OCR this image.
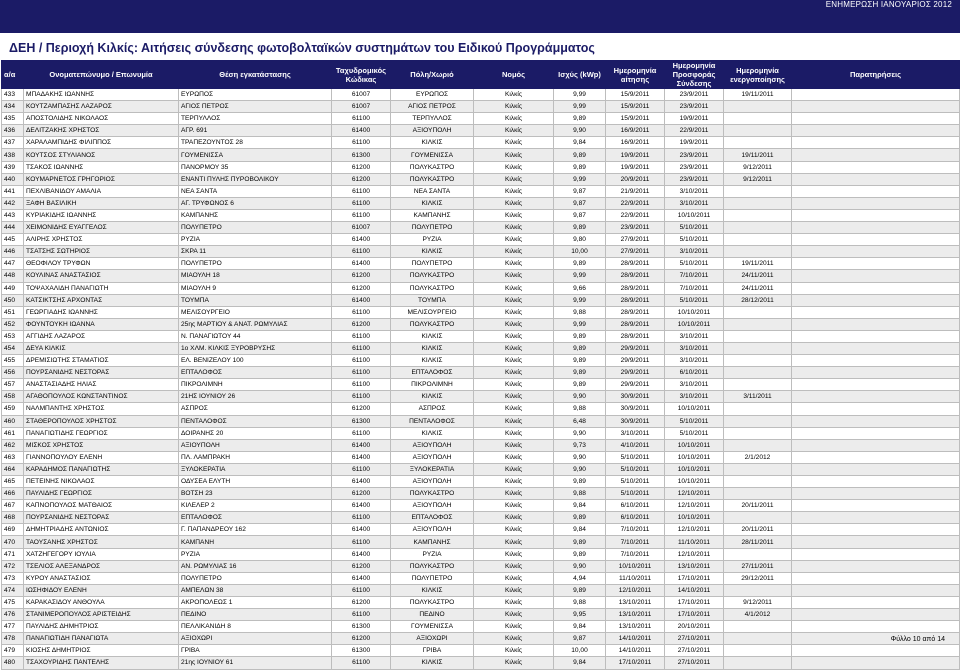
ΕΝΗΜΕΡΩΣΗ ΙΑΝΟΥΑΡΙΟΣ 2012
ΔΕΗ / Περιοχή Κιλκίς: Αιτήσεις σύνδεσης φωτοβολταϊκών συστημάτων του Ειδικού Προγράμματος
α/α	Ονοματεπώνυμο / Επωνυμία	Θέση εγκατάστασης	Ταχυδρομικός Κώδικας	Πόλη/Χωριό	Νομός	Ισχύς (kWp)	Ημερομηνία αίτησης	Ημερομηνία Προσφοράς Σύνδεσης	Ημερομηνία ενεργοποίησης	Παρατηρήσεις
433	ΜΠΑΔΑΚΗΣ ΙΩΑΝΝΗΣ	ΕΥΡΩΠΟΣ	61007	ΕΥΡΩΠΟΣ	Κιλκίς	9,99	15/9/2011	23/9/2011	19/11/2011	
434	ΚΟΥΤΖΑΜΠΑΣΗΣ ΛΑΖΑΡΟΣ	ΑΓΙΟΣ ΠΕΤΡΟΣ	61007	ΑΓΙΟΣ ΠΕΤΡΟΣ	Κιλκίς	9,99	15/9/2011	23/9/2011		
435	ΑΠΟΣΤΟΛΙΔΗΣ ΝΙΚΟΛΑΟΣ	ΤΕΡΠΥΛΛΟΣ	61100	ΤΕΡΠΥΛΛΟΣ	Κιλκίς	9,89	15/9/2011	19/9/2011		
436	ΔΕΛΙΤΖΑΚΗΣ ΧΡΗΣΤΟΣ	ΑΓΡ. 691	61400	ΑΞΙΟΥΠΟΛΗ	Κιλκίς	9,90	16/9/2011	22/9/2011		
437	ΧΑΡΑΛΑΜΠΙΔΗΣ ΦΙΛΙΠΠΟΣ	ΤΡΑΠΕΖΟΥΝΤΟΣ 28	61100	ΚΙΛΚΙΣ	Κιλκίς	9,84	16/9/2011	19/9/2011		
438	ΚΟΥΤΣΟΣ ΣΤΥΛΙΑΝΟΣ	ΓΟΥΜΕΝΙΣΣΑ	61300	ΓΟΥΜΕΝΙΣΣΑ	Κιλκίς	9,89	19/9/2011	23/9/2011	19/11/2011	
439	ΤΣΑΚΟΣ ΙΩΑΝΝΗΣ	ΠΑΝΟΡΜΟΥ 35	61200	ΠΟΛΥΚΑΣΤΡΟ	Κιλκίς	9,89	19/9/2011	23/9/2011	9/12/2011	
440	ΚΟΥΜΑΡΝΕΤΟΣ ΓΡΗΓΟΡΙΟΣ	ΕΝΑΝΤΙ ΠΥΛΗΣ ΠΥΡΟΒΟΛΙΚΟΥ	61200	ΠΟΛΥΚΑΣΤΡΟ	Κιλκίς	9,99	20/9/2011	23/9/2011	9/12/2011	
441	ΠΕΧΛΙΒΑΝΙΔΟΥ ΑΜΑΛΙΑ	ΝΕΑ ΣΑΝΤΑ	61100	ΝΕΑ ΣΑΝΤΑ	Κιλκίς	9,87	21/9/2011	3/10/2011		
442	ΞΑΦΗ ΒΑΣΙΛΙΚΗ	ΑΓ. ΤΡΥΦΩΝΟΣ 6	61100	ΚΙΛΚΙΣ	Κιλκίς	9,87	22/9/2011	3/10/2011		
443	ΚΥΡΙΑΚΙΔΗΣ ΙΩΑΝΝΗΣ	ΚΑΜΠΑΝΗΣ	61100	ΚΑΜΠΑΝΗΣ	Κιλκίς	9,87	22/9/2011	10/10/2011		
444	ΧΕΙΜΟΝΙΔΗΣ ΕΥΑΓΓΕΛΟΣ	ΠΟΛΥΠΕΤΡΟ	61007	ΠΟΛΥΠΕΤΡΟ	Κιλκίς	9,89	23/9/2011	5/10/2011		
445	ΑΛΙΡΗΣ ΧΡΗΣΤΟΣ	ΡΥΖΙΑ	61400	ΡΥΖΙΑ	Κιλκίς	9,80	27/9/2011	5/10/2011		
446	ΤΣΑΤΣΗΣ ΣΩΤΗΡΙΟΣ	ΣΚΡΑ 11	61100	ΚΙΛΚΙΣ	Κιλκίς	10,00	27/9/2011	3/10/2011		
447	ΘΕΟΦΙΛΟΥ ΤΡΥΦΩΝ	ΠΟΛΥΠΕΤΡΟ	61400	ΠΟΛΥΠΕΤΡΟ	Κιλκίς	9,89	28/9/2011	5/10/2011	19/11/2011	
448	ΚΟΥΛΙΝΑΣ ΑΝΑΣΤΑΣΙΟΣ	ΜΙΑΟΥΛΗ 18	61200	ΠΟΛΥΚΑΣΤΡΟ	Κιλκίς	9,99	28/9/2011	7/10/2011	24/11/2011	
449	ΤΟΨΑΧΑΛΙΔΗ ΠΑΝΑΓΙΩΤΗ	ΜΙΑΟΥΛΗ 9	61200	ΠΟΛΥΚΑΣΤΡΟ	Κιλκίς	9,66	28/9/2011	7/10/2011	24/11/2011	
450	ΚΑΤΣΙΚΤΣΗΣ ΑΡΧΟΝΤΑΣ	ΤΟΥΜΠΑ	61400	ΤΟΥΜΠΑ	Κιλκίς	9,99	28/9/2011	5/10/2011	28/12/2011	
451	ΓΕΩΡΓΙΑΔΗΣ ΙΩΑΝΝΗΣ	ΜΕΛΙΣΟΥΡΓΕΙΟ	61100	ΜΕΛΙΣΟΥΡΓΕΙΟ	Κιλκίς	9,88	28/9/2011	10/10/2011		
452	ΦΟΥΝΤΟΥΚΗ ΙΩΑΝΝΑ	25ης ΜΑΡΤΙΟΥ & ΑΝΑΤ. ΡΩΜΥΛΙΑΣ	61200	ΠΟΛΥΚΑΣΤΡΟ	Κιλκίς	9,99	28/9/2011	10/10/2011		
453	ΑΓΓΙΔΗΣ ΛΑΖΑΡΟΣ	Ν. ΠΑΝΑΓΙΩΤΟΥ 44	61100	ΚΙΛΚΙΣ	Κιλκίς	9,89	28/9/2011	3/10/2011		
454	ΔΕΥΑ ΚΙΛΚΙΣ	1ο ΧΛΜ. ΚΙΛΚΙΣ ΞΥΡΟΒΡΥΣΗΣ	61100	ΚΙΛΚΙΣ	Κιλκίς	9,89	29/9/2011	3/10/2011		
455	ΔΡΕΜΙΣΙΩΤΗΣ ΣΤΑΜΑΤΙΟΣ	ΕΛ. ΒΕΝΙΖΕΛΟΥ 100	61100	ΚΙΛΚΙΣ	Κιλκίς	9,89	29/9/2011	3/10/2011		
456	ΠΟΥΡΣΑΝΙΔΗΣ ΝΕΣΤΟΡΑΣ	ΕΠΤΑΛΟΦΟΣ	61100	ΕΠΤΑΛΟΦΟΣ	Κιλκίς	9,89	29/9/2011	6/10/2011		
457	ΑΝΑΣΤΑΣΙΑΔΗΣ ΗΛΙΑΣ	ΠΙΚΡΟΛΙΜΝΗ	61100	ΠΙΚΡΟΛΙΜΝΗ	Κιλκίς	9,89	29/9/2011	3/10/2011		
458	ΑΓΑΘΟΠΟΥΛΟΣ ΚΩΝΣΤΑΝΤΙΝΟΣ	21ΗΣ ΙΟΥΝΙΟΥ 26	61100	ΚΙΛΚΙΣ	Κιλκίς	9,90	30/9/2011	3/10/2011	3/11/2011	
459	ΝΑΛΜΠΑΝΤΗΣ ΧΡΗΣΤΟΣ	ΑΣΠΡΟΣ	61200	ΑΣΠΡΟΣ	Κιλκίς	9,88	30/9/2011	10/10/2011		
460	ΣΤΑΘΕΡΟΠΟΥΛΟΣ ΧΡΗΣΤΟΣ	ΠΕΝΤΑΛΟΦΟΣ	61300	ΠΕΝΤΑΛΟΦΟΣ	Κιλκίς	6,48	30/9/2011	5/10/2011		
461	ΠΑΝΑΓΙΩΤΙΔΗΣ ΓΕΩΡΓΙΟΣ	ΔΟΙΡΑΝΗΣ 20	61100	ΚΙΛΚΙΣ	Κιλκίς	9,90	3/10/2011	5/10/2011		
462	ΜΙΣΚΟΣ ΧΡΗΣΤΟΣ	ΑΞΙΟΥΠΟΛΗ	61400	ΑΞΙΟΥΠΟΛΗ	Κιλκίς	9,73	4/10/2011	10/10/2011		
463	ΓΙΑΝΝΟΠΟΥΛΟΥ ΕΛΕΝΗ	ΠΛ. ΛΑΜΠΡΑΚΗ	61400	ΑΞΙΟΥΠΟΛΗ	Κιλκίς	9,90	5/10/2011	10/10/2011	2/1/2012	
464	ΚΑΡΑΔΗΜΟΣ ΠΑΝΑΓΙΩΤΗΣ	ΞΥΛΟΚΕΡΑΤΙΑ	61100	ΞΥΛΟΚΕΡΑΤΙΑ	Κιλκίς	9,90	5/10/2011	10/10/2011		
465	ΠΕΤΕΙΝΗΣ ΝΙΚΟΛΑΟΣ	ΟΔΥΣΕΑ ΕΛΥΤΗ	61400	ΑΞΙΟΥΠΟΛΗ	Κιλκίς	9,89	5/10/2011	10/10/2011		
466	ΠΑΥΛΙΔΗΣ ΓΕΩΡΓΙΟΣ	ΒΟΤΣΗ 23	61200	ΠΟΛΥΚΑΣΤΡΟ	Κιλκίς	9,88	5/10/2011	12/10/2011		
467	ΚΑΠΝΟΠΟΥΛΟΣ ΜΑΤΘΑΙΟΣ	ΚΙΛΕΛΕΡ 2	61400	ΑΞΙΟΥΠΟΛΗ	Κιλκίς	9,84	6/10/2011	12/10/2011	20/11/2011	
468	ΠΟΥΡΣΑΝΙΔΗΣ ΝΕΣΤΟΡΑΣ	ΕΠΤΑΛΟΦΟΣ	61100	ΕΠΤΑΛΟΦΟΣ	Κιλκίς	9,89	6/10/2011	10/10/2011		
469	ΔΗΜΗΤΡΙΑΔΗΣ ΑΝΤΩΝΙΟΣ	Γ. ΠΑΠΑΝΔΡΕΟΥ 162	61400	ΑΞΙΟΥΠΟΛΗ	Κιλκίς	9,84	7/10/2011	12/10/2011	20/11/2011	
470	ΤΑΟΥΣΑΝΗΣ ΧΡΗΣΤΟΣ	ΚΑΜΠΑΝΗ	61100	ΚΑΜΠΑΝΗΣ	Κιλκίς	9,89	7/10/2011	11/10/2011	28/11/2011	
471	ΧΑΤΖΗΓΕΓΟΡΥ ΙΟΥΛΙΑ	ΡΥΖΙΑ	61400	ΡΥΖΙΑ	Κιλκίς	9,89	7/10/2011	12/10/2011		
472	ΤΣΕΛΙΟΣ ΑΛΕΞΑΝΔΡΟΣ	ΑΝ. ΡΩΜΥΛΙΑΣ 16	61200	ΠΟΛΥΚΑΣΤΡΟ	Κιλκίς	9,90	10/10/2011	13/10/2011	27/11/2011	
473	ΚΥΡΟΥ ΑΝΑΣΤΑΣΙΟΣ	ΠΟΛΥΠΕΤΡΟ	61400	ΠΟΛΥΠΕΤΡΟ	Κιλκίς	4,94	11/10/2011	17/10/2011	29/12/2011	
474	ΙΩΣΗΦΙΔΟΥ ΕΛΕΝΗ	ΑΜΠΕΛΩΝ 38	61100	ΚΙΛΚΙΣ	Κιλκίς	9,89	12/10/2011	14/10/2011		
475	ΚΑΡΑΚΑΣΙΔΟΥ ΑΝΘΟΥΛΑ	ΑΚΡΟΠΟΛΕΩΣ 1	61200	ΠΟΛΥΚΑΣΤΡΟ	Κιλκίς	9,88	13/10/2011	17/10/2011	9/12/2011	
476	ΣΤΑΝΙΜΕΡΟΠΟΥΛΟΣ ΑΡΙΣΤΕΙΔΗΣ	ΠΕΔΙΝΟ	61100	ΠΕΔΙΝΟ	Κιλκίς	9,95	13/10/2011	17/10/2011	4/1/2012	
477	ΠΑΥΛΙΔΗΣ ΔΗΜΗΤΡΙΟΣ	ΠΕΛΛΙΚΑΝΙΔΗ 8	61300	ΓΟΥΜΕΝΙΣΣΑ	Κιλκίς	9,84	13/10/2011	20/10/2011		
478	ΠΑΝΑΓΙΩΤΙΔΗ ΠΑΝΑΓΙΩΤΑ	ΑΞΙΟΧΩΡΙ	61200	ΑΞΙΟΧΩΡΙ	Κιλκίς	9,87	14/10/2011	27/10/2011		
479	ΚΙΟΣΗΣ ΔΗΜΗΤΡΙΟΣ	ΓΡΙΒΑ	61300	ΓΡΙΒΑ	Κιλκίς	10,00	14/10/2011	27/10/2011		
480	ΤΣΑΧΟΥΡΙΔΗΣ ΠΑΝΤΕΛΗΣ	21ης ΙΟΥΝΙΟΥ 61	61100	ΚΙΛΚΙΣ	Κιλκίς	9,84	17/10/2011	27/10/2011		
Φύλλο 10 από 14
